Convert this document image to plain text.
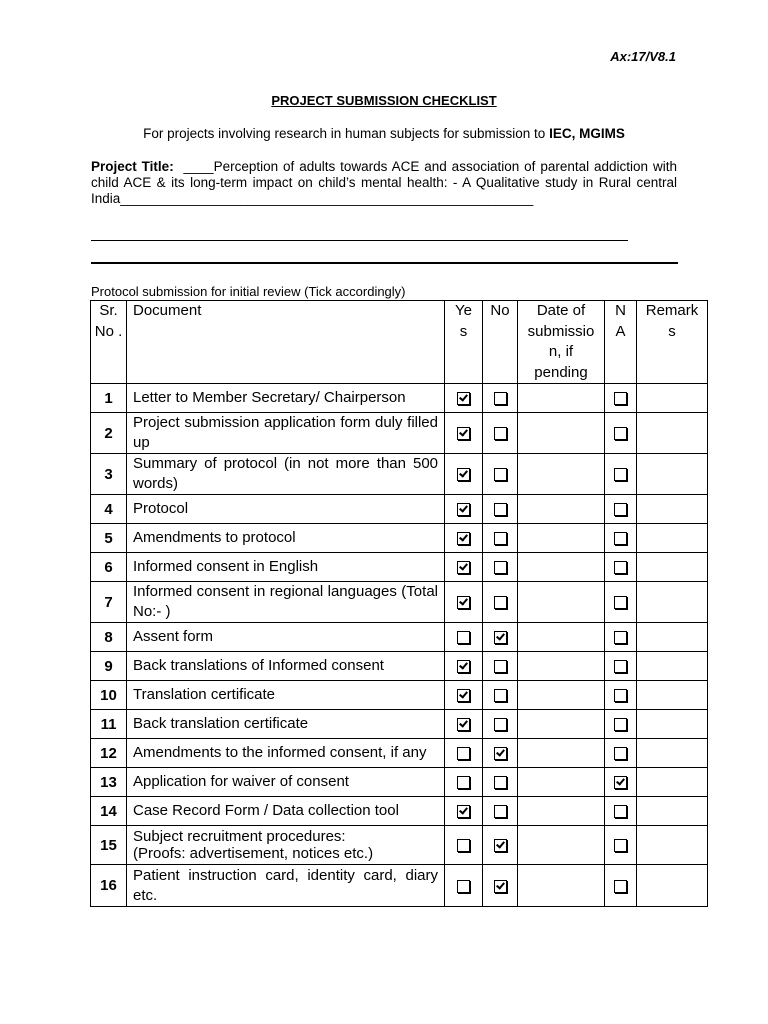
Ax:17/V8.1
PROJECT SUBMISSION CHECKLIST
For projects involving research in human subjects for submission to IEC, MGIMS
Project Title: ____Perception of adults towards ACE and association of parental addiction with child ACE & its long-term impact on child’s mental health: - A Qualitative study in Rural central India_______________________________________________________
Protocol submission for initial review (Tick accordingly)
Sr. No .	Document	Ye s	No	Date of submissio n, if pending	N A	Remark s
1	Letter to Member Secretary/ Chairperson					
2	Project submission application form duly filled up					
3	Summary of protocol (in not more than 500 words)					
4	Protocol					
5	Amendments to protocol					
6	Informed consent in English					
7	Informed consent in regional languages (Total No:- )					
8	Assent form					
9	Back translations of Informed consent					
10	Translation certificate					
11	Back translation certificate					
12	Amendments to the informed consent, if any					
13	Application for waiver of consent					
14	Case Record Form / Data collection tool					
15	Subject recruitment procedures:
(Proofs: advertisement, notices etc.)					
16	Patient instruction card, identity card, diary etc.					
